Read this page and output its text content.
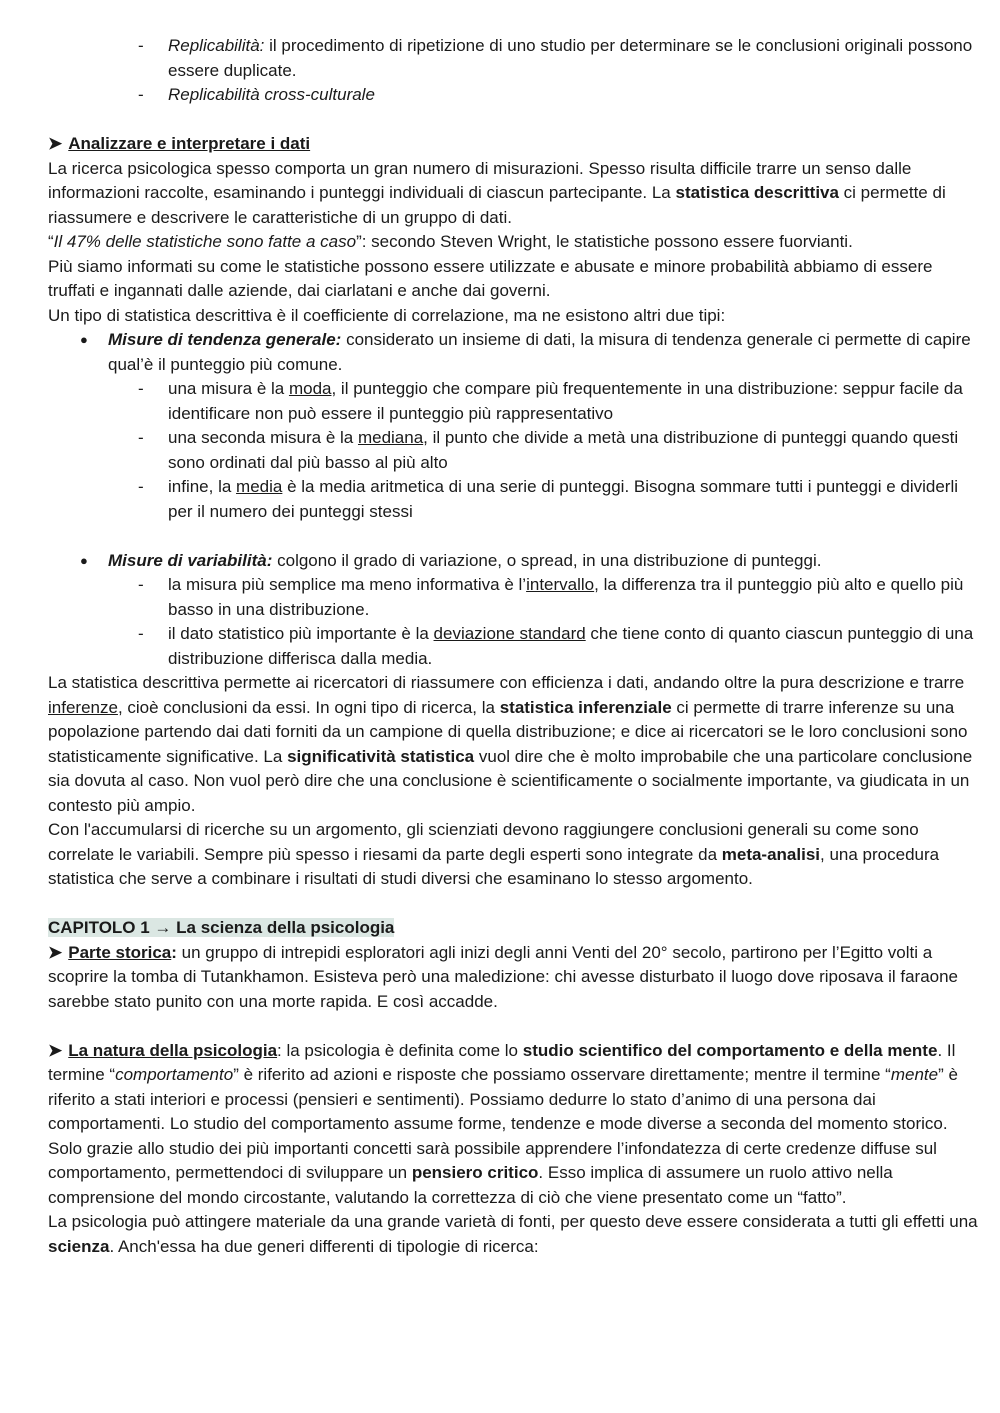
- Replicabilità: il procedimento di ripetizione di uno studio per determinare se le conclusioni originali possono essere duplicate.

- Replicabilità cross-culturale

➤ Analizzare e interpretare i dati

La ricerca psicologica spesso comporta un gran numero di misurazioni. Spesso risulta difficile trarre un senso dalle informazioni raccolte, esaminando i punteggi individuali di ciascun partecipante. La statistica descrittiva ci permette di riassumere e descrivere le caratteristiche di un gruppo di dati.

“Il 47% delle statistiche sono fatte a caso”: secondo Steven Wright, le statistiche possono essere fuorvianti.

Più siamo informati su come le statistiche possono essere utilizzate e abusate e minore probabilità abbiamo di essere truffati e ingannati dalle aziende, dai ciarlatani e anche dai governi.

Un tipo di statistica descrittiva è il coefficiente di correlazione, ma ne esistono altri due tipi:

● Misure di tendenza generale: considerato un insieme di dati, la misura di tendenza generale ci permette di capire qual’è il punteggio più comune.

- una misura è la moda, il punteggio che compare più frequentemente in una distribuzione: seppur facile da identificare non può essere il punteggio più rappresentativo

- una seconda misura è la mediana, il punto che divide a metà una distribuzione di punteggi quando questi sono ordinati dal più basso al più alto

- infine, la media è la media aritmetica di una serie di punteggi. Bisogna sommare tutti i punteggi e dividerli per il numero dei punteggi stessi

● Misure di variabilità: colgono il grado di variazione, o spread, in una distribuzione di punteggi.

- la misura più semplice ma meno informativa è l’intervallo, la differenza tra il punteggio più alto e quello più basso in una distribuzione.

- il dato statistico più importante è la deviazione standard che tiene conto di quanto ciascun punteggio di una distribuzione differisca dalla media.

La statistica descrittiva permette ai ricercatori di riassumere con efficienza i dati, andando oltre la pura descrizione e trarre inferenze, cioè conclusioni da essi. In ogni tipo di ricerca, la statistica inferenziale ci permette di trarre inferenze su una popolazione partendo dai dati forniti da un campione di quella distribuzione; e dice ai ricercatori se le loro conclusioni sono statisticamente significative. La significatività statistica vuol dire che è molto improbabile che una particolare conclusione sia dovuta al caso. Non vuol però dire che una conclusione è scientificamente o socialmente importante, va giudicata in un contesto più ampio.

Con l'accumularsi di ricerche su un argomento, gli scienziati devono raggiungere conclusioni generali su come sono correlate le variabili. Sempre più spesso i riesami da parte degli esperti sono integrate da meta-analisi, una procedura statistica che serve a combinare i risultati di studi diversi che esaminano lo stesso argomento.

CAPITOLO 1 → La scienza della psicologia

➤ Parte storica: un gruppo di intrepidi esploratori agli inizi degli anni Venti del 20° secolo, partirono per l’Egitto volti a scoprire la tomba di Tutankhamon. Esisteva però una maledizione: chi avesse disturbato il luogo dove riposava il faraone sarebbe stato punito con una morte rapida. E così accadde.

➤ La natura della psicologia: la psicologia è definita come lo studio scientifico del comportamento e della mente. Il termine “comportamento” è riferito ad azioni e risposte che possiamo osservare direttamente; mentre il termine “mente” è riferito a stati interiori e processi (pensieri e sentimenti). Possiamo dedurre lo stato d’animo di una persona dai comportamenti. Lo studio del comportamento assume forme, tendenze e mode diverse a seconda del momento storico. Solo grazie allo studio dei più importanti concetti sarà possibile apprendere l’infondatezza di certe credenze diffuse sul comportamento, permettendoci di sviluppare un pensiero critico. Esso implica di assumere un ruolo attivo nella comprensione del mondo circostante, valutando la correttezza di ciò che viene presentato come un “fatto”.

La psicologia può attingere materiale da una grande varietà di fonti, per questo deve essere considerata a tutti gli effetti una scienza. Anch'essa ha due generi differenti di tipologie di ricerca:
